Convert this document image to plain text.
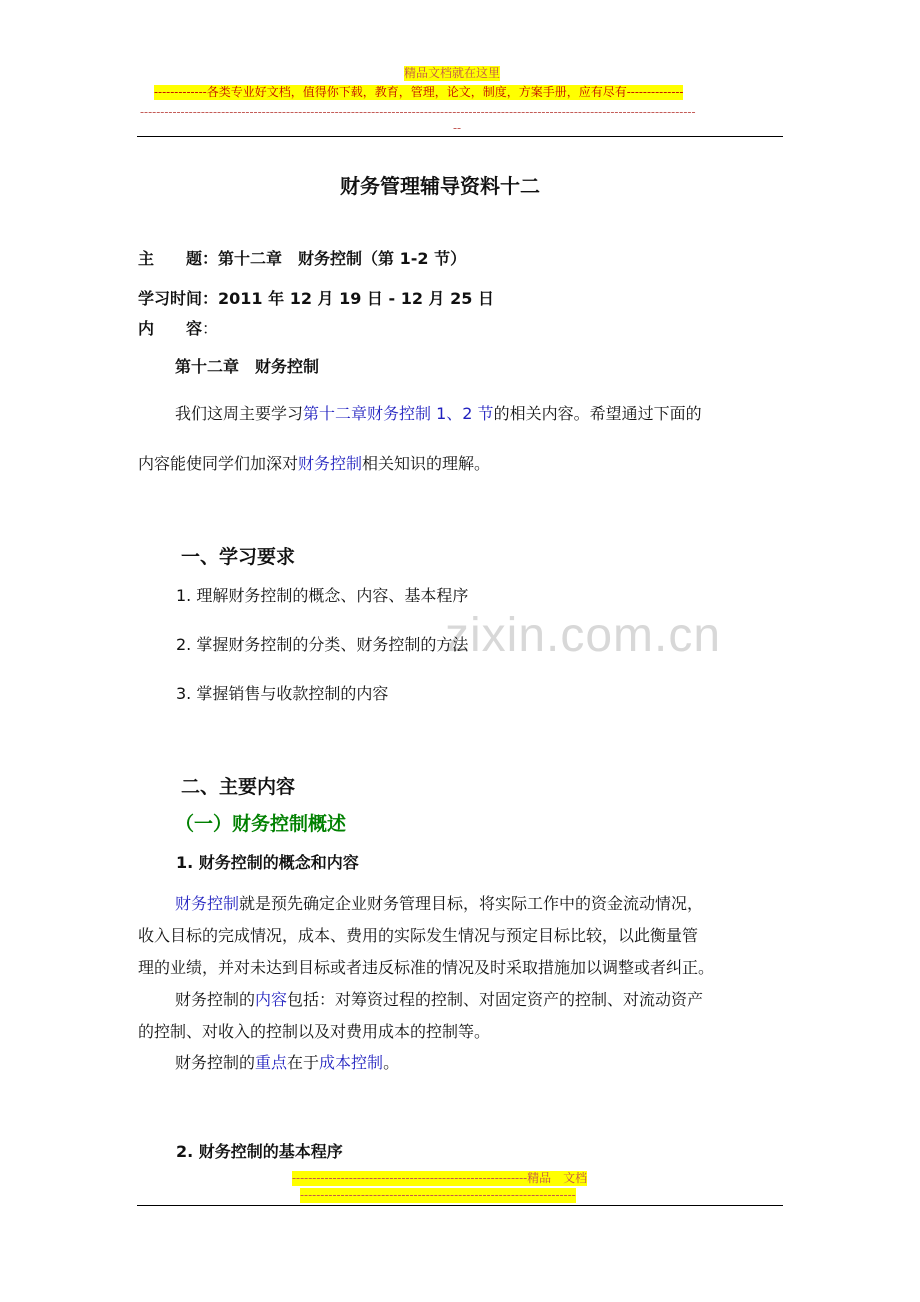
精品文档就在这里
-------------各类专业好文档，值得你下载，教育，管理，论文，制度，方案手册，应有尽有--------------
-----------------------------------------------------------------------------------------------------------------------------------------
--
zixin.com.cn
财务管理辅导资料十二
主　　题：第十二章　财务控制（第 1-2 节）
学习时间：2011 年 12 月 19 日 - 12 月 25 日
内　　容：
第十二章　财务控制
我们这周主要学习第十二章财务控制 1、2 节的相关内容。希望通过下面的
内容能使同学们加深对财务控制相关知识的理解。
一、学习要求
1. 理解财务控制的概念、内容、基本程序
2. 掌握财务控制的分类、财务控制的方法
3. 掌握销售与收款控制的内容
二、主要内容
（一）财务控制概述
1. 财务控制的概念和内容
财务控制就是预先确定企业财务管理目标，将实际工作中的资金流动情况，
收入目标的完成情况，成本、费用的实际发生情况与预定目标比较，以此衡量管
理的业绩，并对未达到目标或者违反标准的情况及时采取措施加以调整或者纠正。
财务控制的内容包括：对筹资过程的控制、对固定资产的控制、对流动资产
的控制、对收入的控制以及对费用成本的控制等。
财务控制的重点在于成本控制。
2. 财务控制的基本程序
----------------------------------------------------------精品　文档
--------------------------------------------------------------------
